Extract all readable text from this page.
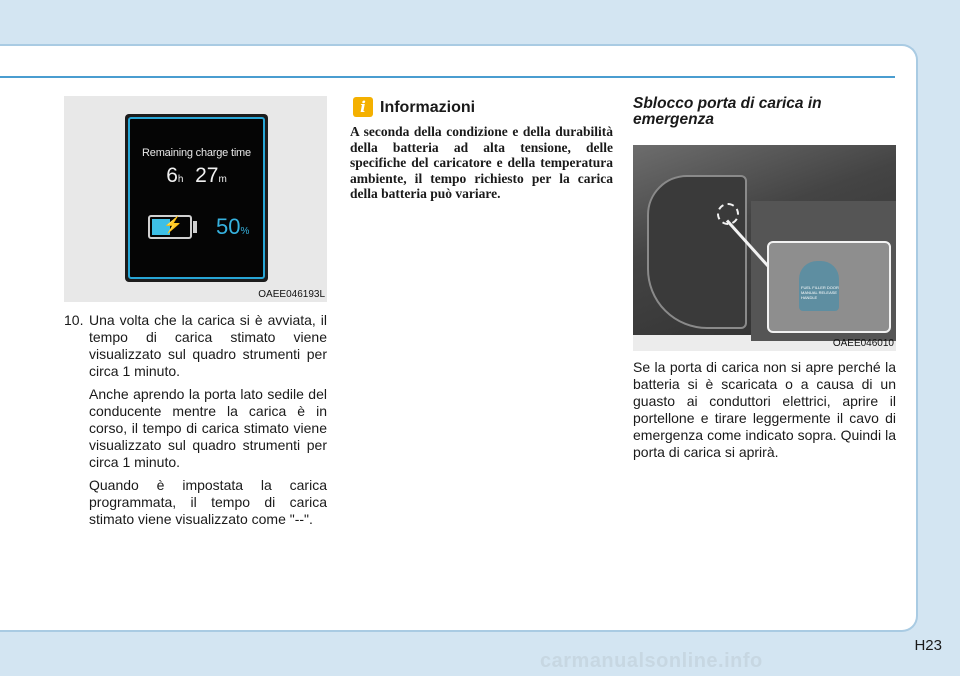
Remaining charge time
6h 27m
⚡ 50%
OAEE046193L
10. Una volta che la carica si è avviata, il tempo di carica stimato viene visualizzato sul quadro strumenti per circa 1 minuto.
Anche aprendo la porta lato sedile del conducente mentre la carica è in corso, il tempo di carica stimato viene visualizzato sul quadro strumenti per circa 1 minuto.
Quando è impostata la carica programmata, il tempo di carica stimato viene visualizzato come "--".
i Informazioni
A seconda della condizione e della durabilità della batteria ad alta tensione, delle specifiche del caricatore e della temperatura ambiente, il tempo richiesto per la carica della batteria può variare.
Sblocco porta di carica in emergenza
FUEL FILLER DOOR MANUAL RELEASE HANDLE
OAEE046010
Se la porta di carica non si apre perché la batteria si è scaricata o a causa di un guasto ai conduttori elettrici, aprire il portellone e tirare leggermente il cavo di emergenza come indicato sopra. Quindi la porta di carica si aprirà.
H23
carmanualsonline.info
